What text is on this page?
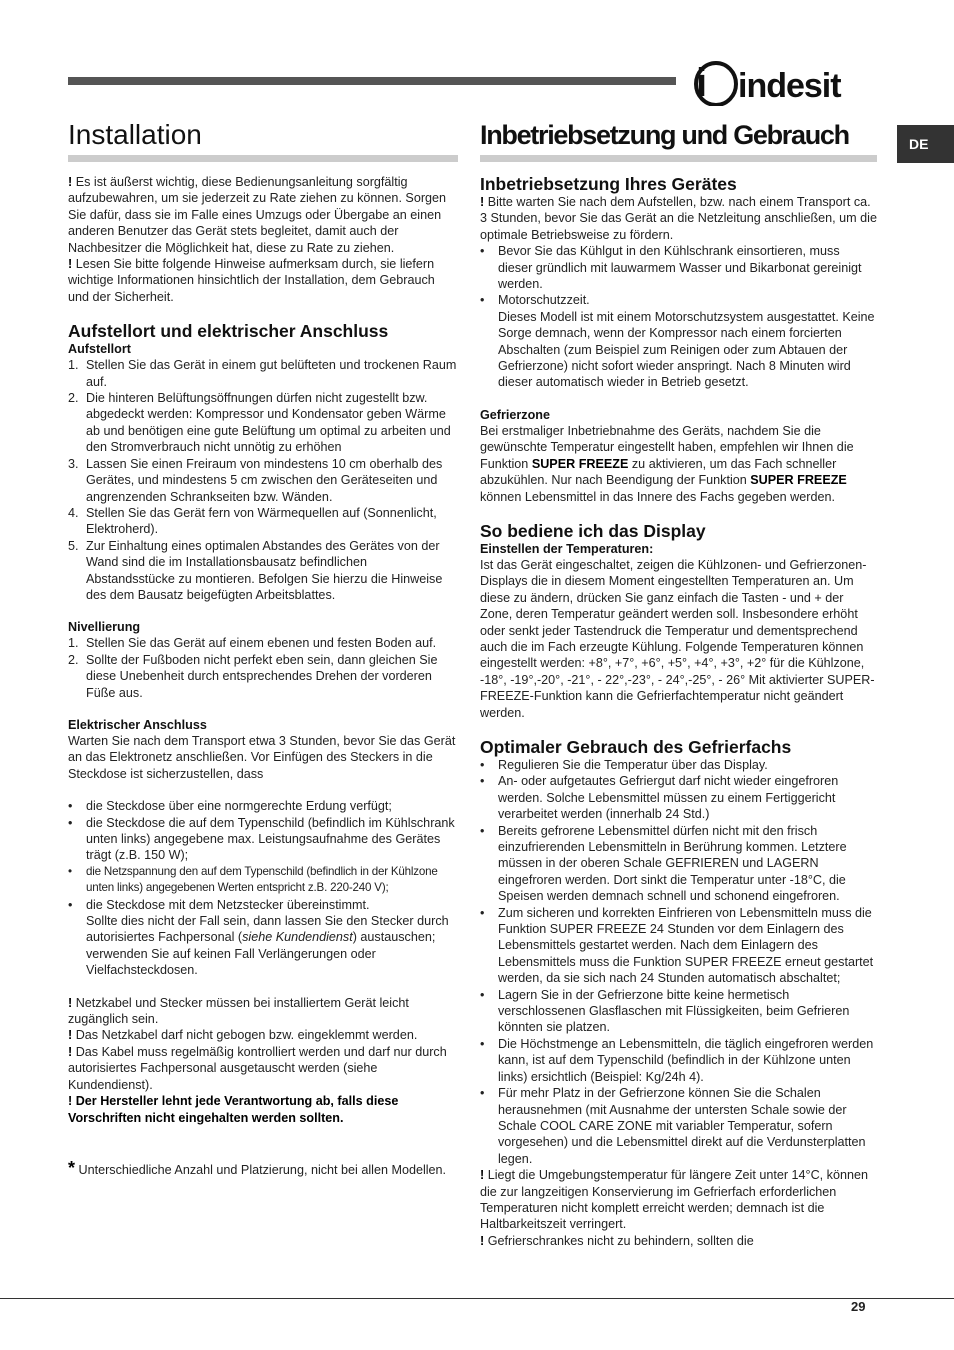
i indesit
DE
Installation

! Es ist äußerst wichtig, diese Bedienungsanleitung sorgfältig aufzubewahren, um sie jederzeit zu Rate ziehen zu können. Sorgen Sie dafür, dass sie im Falle eines Umzugs oder Übergabe an einen anderen Benutzer das Gerät stets begleitet, damit auch der Nachbesitzer die Möglichkeit hat, diese zu Rate zu ziehen.

! Lesen Sie bitte folgende Hinweise aufmerksam durch, sie liefern wichtige Informationen hinsichtlich der Installation, dem Gebrauch und der Sicherheit.

Aufstellort und elektrischer Anschluss
Aufstellort
1. Stellen Sie das Gerät in einem gut belüfteten und trockenen Raum auf.
2. Die hinteren Belüftungsöffnungen dürfen nicht zugestellt bzw. abgedeckt werden: Kompressor und Kondensator geben Wärme ab und benötigen eine gute Belüftung um optimal zu arbeiten und den Stromverbrauch nicht unnötig zu erhöhen
3. Lassen Sie einen Freiraum von mindestens 10 cm oberhalb des Gerätes, und mindestens 5 cm zwischen den Geräteseiten und angrenzenden Schrankseiten bzw. Wänden.
4. Stellen Sie das Gerät fern von Wärmequellen auf (Sonnenlicht, Elektroherd).
5. Zur Einhaltung eines optimalen Abstandes des Gerätes von der Wand sind die im Installationsbausatz befindlichen Abstandsstücke zu montieren. Befolgen Sie hierzu die Hinweise des dem Bausatz beigefügten Arbeitsblattes.
Nivellierung
1. Stellen Sie das Gerät auf einem ebenen und festen Boden auf.
2. Sollte der Fußboden nicht perfekt eben sein, dann gleichen Sie diese Unebenheit durch entsprechendes Drehen der vorderen Füße aus.
Elektrischer Anschluss

Warten Sie nach dem Transport etwa 3 Stunden, bevor Sie das Gerät an das Elektronetz anschließen. Vor Einfügen des Steckers in die Steckdose ist sicherzustellen, dass

• die Steckdose über eine normgerechte Erdung verfügt;
• die Steckdose die auf dem Typenschild (befindlich im Kühlschrank unten links) angegebene max. Leistungsaufnahme des Gerätes trägt (z.B. 150 W);
• die Netzspannung den auf dem Typenschild (befindlich in der Kühlzone unten links) angegebenen Werten entspricht z.B. 220-240 V);
• die Steckdose mit dem Netzstecker übereinstimmt.

Sollte dies nicht der Fall sein, dann lassen Sie den Stecker durch autorisiertes Fachpersonal (siehe Kundendienst) austauschen; verwenden Sie auf keinen Fall Verlängerungen oder Vielfachsteckdosen.

! Netzkabel und Stecker müssen bei installiertem Gerät leicht zugänglich sein.

! Das Netzkabel darf nicht gebogen bzw. eingeklemmt werden.

! Das Kabel muss regelmäßig kontrolliert werden und darf nur durch autorisiertes Fachpersonal ausgetauscht werden (siehe Kundendienst).

! Der Hersteller lehnt jede Verantwortung ab, falls diese Vorschriften nicht eingehalten werden sollten.

* Unterschiedliche Anzahl und Platzierung, nicht bei allen Modellen.

Inbetriebsetzung und Gebrauch
Inbetriebsetzung Ihres Gerätes

! Bitte warten Sie nach dem Aufstellen, bzw. nach einem Transport ca. 3 Stunden, bevor Sie das Gerät an die Netzleitung anschließen, um die optimale Betriebsweise zu fördern.

• Bevor Sie das Kühlgut in den Kühlschrank einsortieren, muss dieser gründlich mit lauwarmem Wasser und Bikarbonat gereinigt werden.
• Motorschutzzeit.

Dieses Modell ist mit einem Motorschutzsystem ausgestattet. Keine Sorge demnach, wenn der Kompressor nach einem forcierten Abschalten (zum Beispiel zum Reinigen oder zum Abtauen der Gefrierzone) nicht sofort wieder anspringt. Nach 8 Minuten wird dieser automatisch wieder in Betrieb gesetzt.

Gefrierzone

Bei erstmaliger Inbetriebnahme des Geräts, nachdem Sie die gewünschte Temperatur eingestellt haben, empfehlen wir Ihnen die Funktion SUPER FREEZE zu aktivieren, um das Fach schneller abzukühlen. Nur nach Beendigung der Funktion SUPER FREEZE können Lebensmittel in das Innere des Fachs gegeben werden.

So bediene ich das Display
Einstellen der Temperaturen:

Ist das Gerät eingeschaltet, zeigen die Kühlzonen- und Gefrierzonen-Displays die in diesem Moment eingestellten Temperaturen an. Um diese zu ändern, drücken Sie ganz einfach die Tasten - und + der Zone, deren Temperatur geändert werden soll. Insbesondere erhöht oder senkt jeder Tastendruck die Temperatur und dementsprechend auch die im Fach erzeugte Kühlung. Folgende Temperaturen können eingestellt werden: +8°, +7°, +6°, +5°, +4°, +3°, +2° für die Kühlzone, -18°, -19°,-20°, -21°, - 22°,-23°, - 24°,-25°, - 26° Mit aktivierter SUPER-FREEZE-Funktion kann die Gefrierfachtemperatur nicht geändert werden.

Optimaler Gebrauch des Gefrierfachs
• Regulieren Sie die Temperatur über das Display.
• An- oder aufgetautes Gefriergut darf nicht wieder eingefroren werden. Solche Lebensmittel müssen zu einem Fertiggericht verarbeitet werden (innerhalb 24 Std.)
• Bereits gefrorene Lebensmittel dürfen nicht mit den frisch einzufrierenden Lebensmitteln in Berührung kommen. Letztere müssen in der oberen Schale GEFRIEREN und LAGERN eingefroren werden. Dort sinkt die Temperatur unter -18°C, die Speisen werden demnach schnell und schonend eingefroren.
• Zum sicheren und korrekten Einfrieren von Lebensmitteln muss die Funktion SUPER FREEZE 24 Stunden vor dem Einlagern des Lebensmittels gestartet werden. Nach dem Einlagern des Lebensmittels muss die Funktion SUPER FREEZE erneut gestartet werden, da sie sich nach 24 Stunden automatisch abschaltet;
• Lagern Sie in der Gefrierzone bitte keine hermetisch verschlossenen Glasflaschen mit Flüssigkeiten, beim Gefrieren könnten sie platzen.
• Die Höchstmenge an Lebensmitteln, die täglich eingefroren werden kann, ist auf dem Typenschild (befindlich in der Kühlzone unten links) ersichtlich (Beispiel: Kg/24h 4).
• Für mehr Platz in der Gefrierzone können Sie die Schalen herausnehmen (mit Ausnahme der untersten Schale sowie der Schale COOL CARE ZONE mit variabler Temperatur, sofern vorgesehen) und die Lebensmittel direkt auf die Verdunsterplatten legen.

! Liegt die Umgebungstemperatur für längere Zeit unter 14°C, können die zur langzeitigen Konservierung im Gefrierfach erforderlichen Temperaturen nicht komplett erreicht werden; demnach ist die Haltbarkeitszeit verringert.

! Gefrierschrankes nicht zu behindern, sollten die

29
